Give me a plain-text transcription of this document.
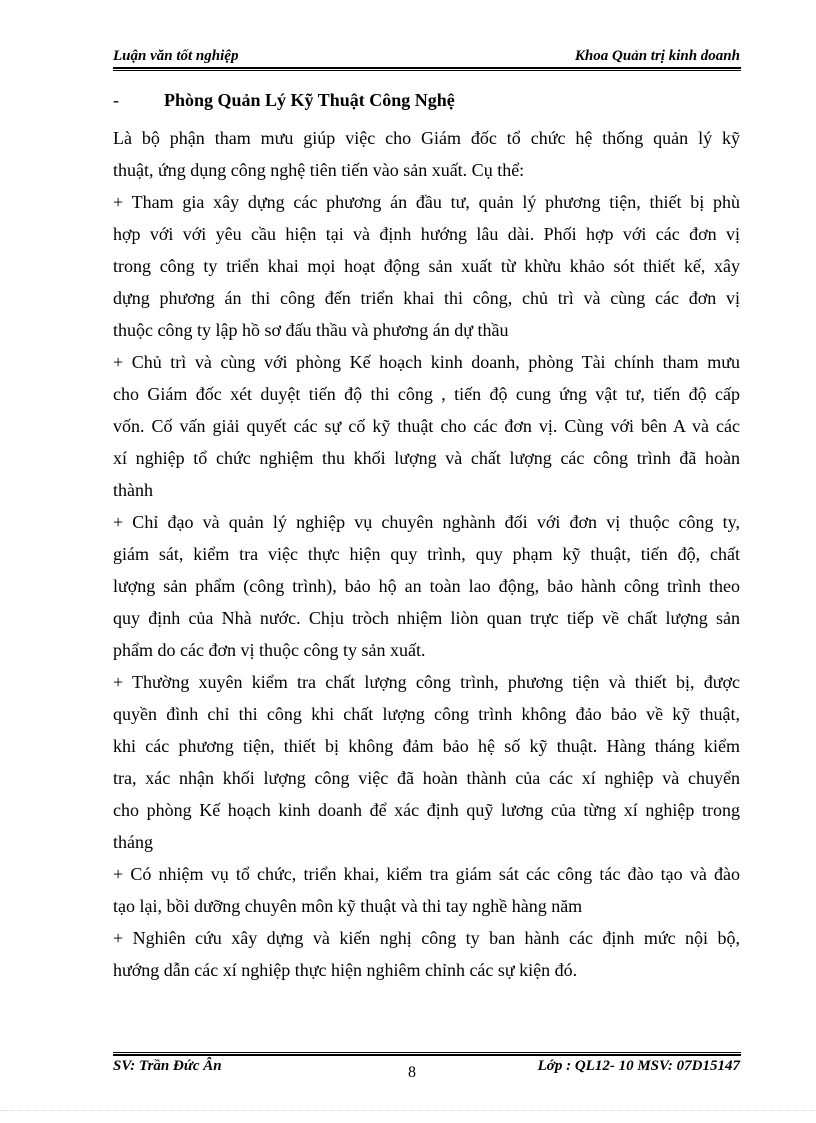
Luận văn tốt nghiệp	Khoa Quản trị kinh doanh
-	Phòng Quản Lý Kỹ Thuật Công Nghệ
Là bộ phận tham mưu giúp việc cho Giám đốc tổ chức hệ thống quản lý kỹ
thuật, ứng dụng công nghệ tiên tiến vào sản xuất. Cụ thể:
+ Tham gia xây dựng các phương án đầu tư, quản lý phương tiện, thiết bị phù
hợp với với yêu cầu hiện tại và định hướng lâu dài. Phối hợp với các đơn vị
trong công ty triển khai mọi hoạt động sản xuất từ khừu khảo sót thiết kế, xây
dựng phương án thi công đến triển khai thi công, chủ trì và cùng các đơn vị
thuộc công ty lập hồ sơ đấu thầu và phương án dự thầu
+ Chủ trì và cùng với phòng Kế hoạch kinh doanh, phòng Tài chính tham mưu
cho Giám đốc xét duyệt tiến độ thi công , tiến độ cung ứng vật tư, tiến độ cấp
vốn. Cố vấn giải quyết các sự cố kỹ thuật cho các đơn vị. Cùng với bên A và các
xí nghiệp tổ chức nghiệm thu khối lượng và chất lượng các công trình đã hoàn
thành
+ Chỉ đạo và quản lý nghiệp vụ chuyên nghành đối với đơn vị thuộc công ty,
giám sát, kiểm tra việc thực hiện quy trình, quy phạm kỹ thuật, tiến độ, chất
lượng sản phẩm (công trình), bảo hộ an toàn lao động, bảo hành công trình theo
quy định của Nhà nước. Chịu tròch nhiệm liòn quan trực tiếp về chất lượng sản
phẩm do các đơn vị thuộc công ty sản xuất.
+ Thường xuyên kiểm tra chất lượng công trình, phương tiện và thiết bị, được
quyền đình chỉ thi công khi chất lượng công trình không đảo bảo về kỹ thuật,
khi các phương tiện, thiết bị không đảm bảo hệ số kỹ thuật. Hàng tháng kiểm
tra, xác nhận khối lượng công việc đã hoàn thành của các xí nghiệp và chuyển
cho phòng Kế hoạch kinh doanh để xác định quỹ lương của từng xí nghiệp trong
tháng
+ Có nhiệm vụ tổ chức, triển khai, kiểm tra giám sát các công tác đào tạo và đào
tạo lại, bồi dưỡng chuyên môn kỹ thuật và thi tay nghề hàng năm
+ Nghiên cứu xây dựng và kiến nghị công ty ban hành các định mức nội bộ,
hướng dẫn các xí nghiệp thực hiện nghiêm chỉnh các sự kiện đó.
SV: Trần Đức Ân	Lớp : QL12- 10 MSV: 07D15147
8
